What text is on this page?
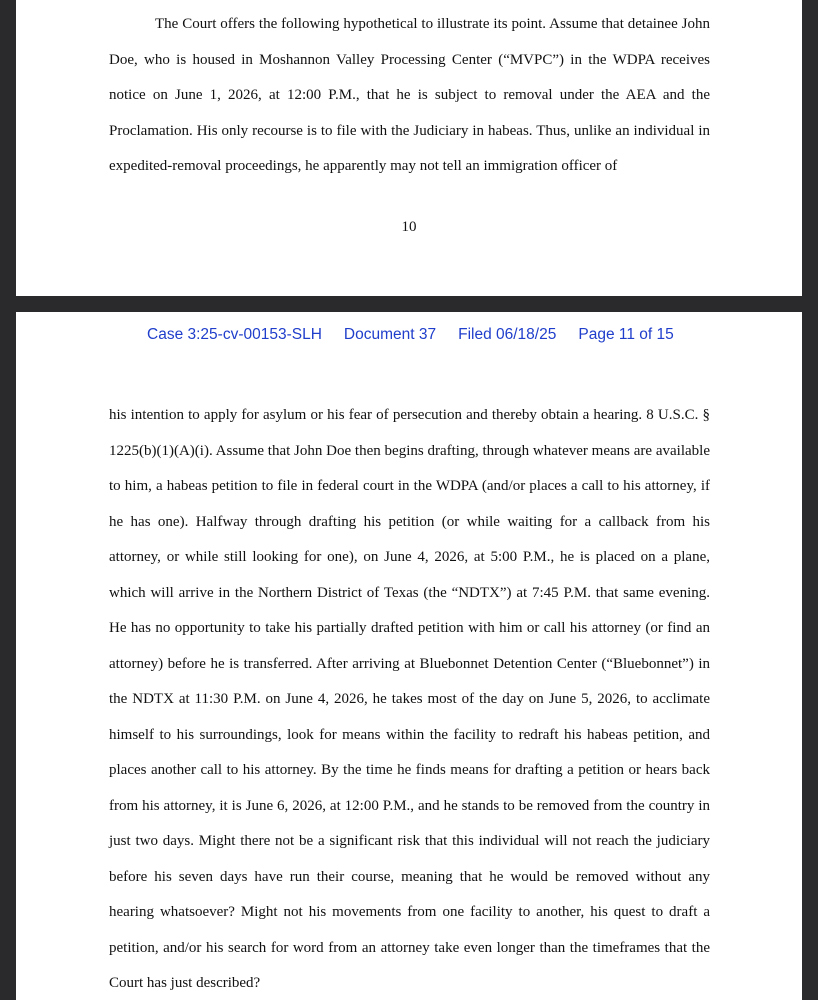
The Court offers the following hypothetical to illustrate its point. Assume that detainee John Doe, who is housed in Moshannon Valley Processing Center (“MVPC”) in the WDPA receives notice on June 1, 2026, at 12:00 P.M., that he is subject to removal under the AEA and the Proclamation. His only recourse is to file with the Judiciary in habeas. Thus, unlike an individual in expedited-removal proceedings, he apparently may not tell an immigration officer of

10
Case 3:25-cv-00153-SLH Document 37 Filed 06/18/25 Page 11 of 15

his intention to apply for asylum or his fear of persecution and thereby obtain a hearing. 8 U.S.C. § 1225(b)(1)(A)(i). Assume that John Doe then begins drafting, through whatever means are available to him, a habeas petition to file in federal court in the WDPA (and/or places a call to his attorney, if he has one). Halfway through drafting his petition (or while waiting for a callback from his attorney, or while still looking for one), on June 4, 2026, at 5:00 P.M., he is placed on a plane, which will arrive in the Northern District of Texas (the “NDTX”) at 7:45 P.M. that same evening. He has no opportunity to take his partially drafted petition with him or call his attorney (or find an attorney) before he is transferred. After arriving at Bluebonnet Detention Center (“Bluebonnet”) in the NDTX at 11:30 P.M. on June 4, 2026, he takes most of the day on June 5, 2026, to acclimate himself to his surroundings, look for means within the facility to redraft his habeas petition, and places another call to his attorney. By the time he finds means for drafting a petition or hears back from his attorney, it is June 6, 2026, at 12:00 P.M., and he stands to be removed from the country in just two days. Might there not be a significant risk that this individual will not reach the judiciary before his seven days have run their course, meaning that he would be removed without any hearing whatsoever? Might not his movements from one facility to another, his quest to draft a petition, and/or his search for word from an attorney take even longer than the timeframes that the Court has just described?
